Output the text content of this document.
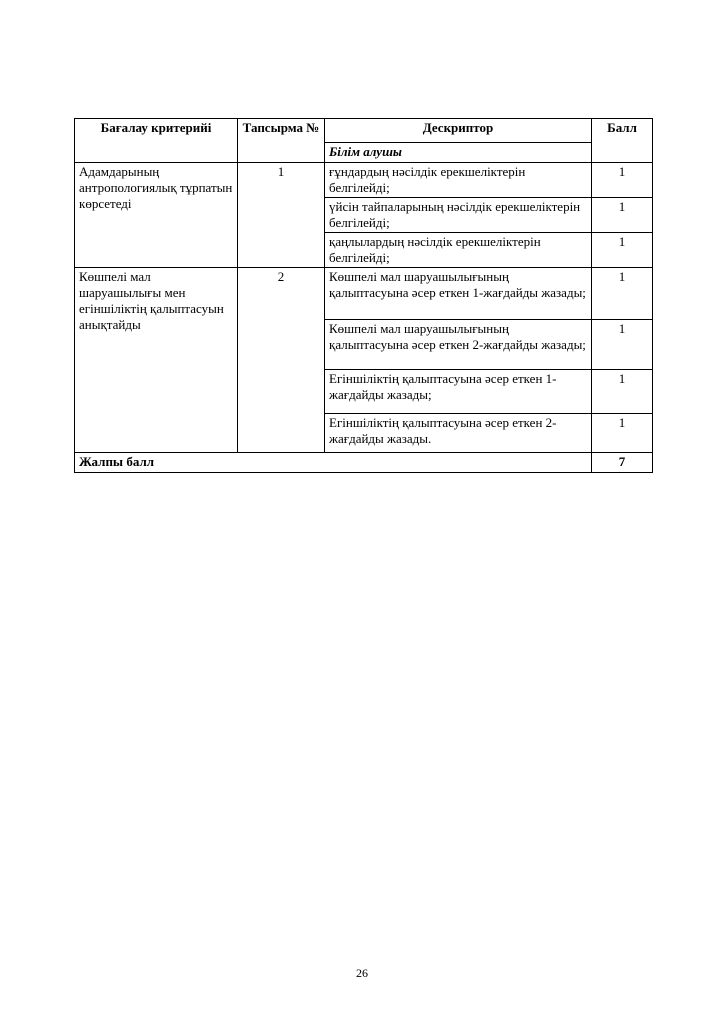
Бағалау критерийі	Тапсырма №	Дескриптор	Балл
		Білім алушы	
Адамдарының антропологиялық тұрпатын көрсетеді	1	ғұндардың нәсілдік ерекшеліктерін белгілейді;	1
		үйсін тайпаларының нәсілдік ерекшеліктерін белгілейді;	1
		қаңлылардың нәсілдік ерекшеліктерін белгілейді;	1
Көшпелі мал шаруашылығы мен егіншіліктің қалыптасуын анықтайды	2	Көшпелі мал шаруашылығының қалыптасуына әсер еткен 1-жағдайды жазады;	1
		Көшпелі мал шаруашылығының қалыптасуына әсер еткен 2-жағдайды жазады;	1
		Егіншіліктің қалыптасуына әсер еткен 1-жағдайды жазады;	1
		Егіншіліктің қалыптасуына әсер еткен 2-жағдайды жазады.	1
Жалпы балл			7
26
